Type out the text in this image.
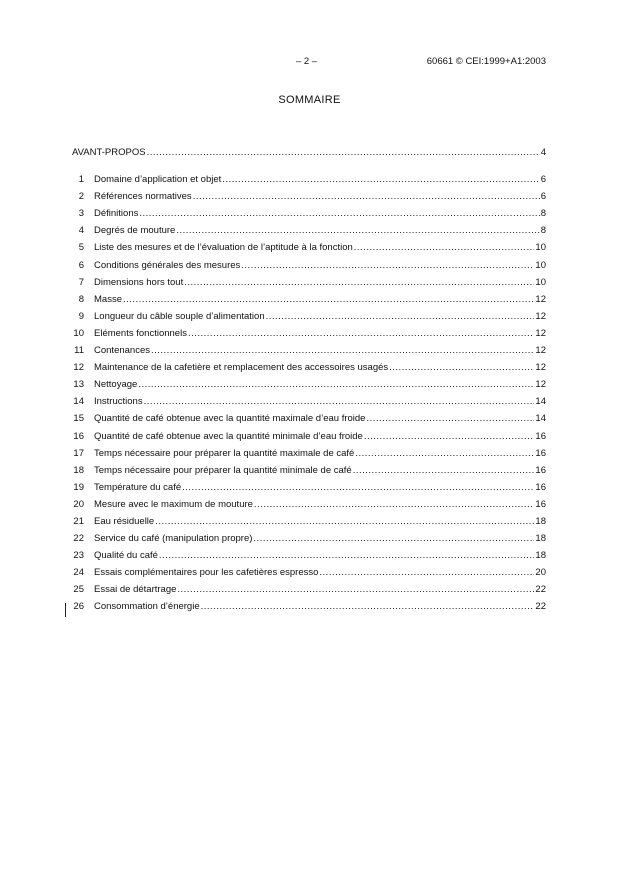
– 2 –	60661 © CEI:1999+A1:2003
SOMMAIRE
AVANT-PROPOS .....	4
1 Domaine d’application et objet .....	6
2 Références normatives .....	6
3 Définitions .....	8
4 Degrés de mouture .....	8
5 Liste des mesures et de l’évaluation de l’aptitude à la fonction .....	10
6 Conditions générales des mesures .....	10
7 Dimensions hors tout .....	10
8 Masse .....	12
9 Longueur du câble souple d’alimentation .....	12
10 Eléments fonctionnels .....	12
11 Contenances .....	12
12 Maintenance de la cafetière et remplacement des accessoires usagés .....	12
13 Nettoyage .....	12
14 Instructions .....	14
15 Quantité de café obtenue avec la quantité maximale d’eau froide .....	14
16 Quantité de café obtenue avec la quantité minimale d’eau froide .....	16
17 Temps nécessaire pour préparer la quantité maximale de café .....	16
18 Temps nécessaire pour préparer la quantité minimale de café .....	16
19 Température du café .....	16
20 Mesure avec le maximum de mouture .....	16
21 Eau résiduelle .....	18
22 Service du café (manipulation propre) .....	18
23 Qualité du café .....	18
24 Essais complémentaires pour les cafetières espresso .....	20
25 Essai de détartrage .....	22
26 Consommation d’énergie .....	22
